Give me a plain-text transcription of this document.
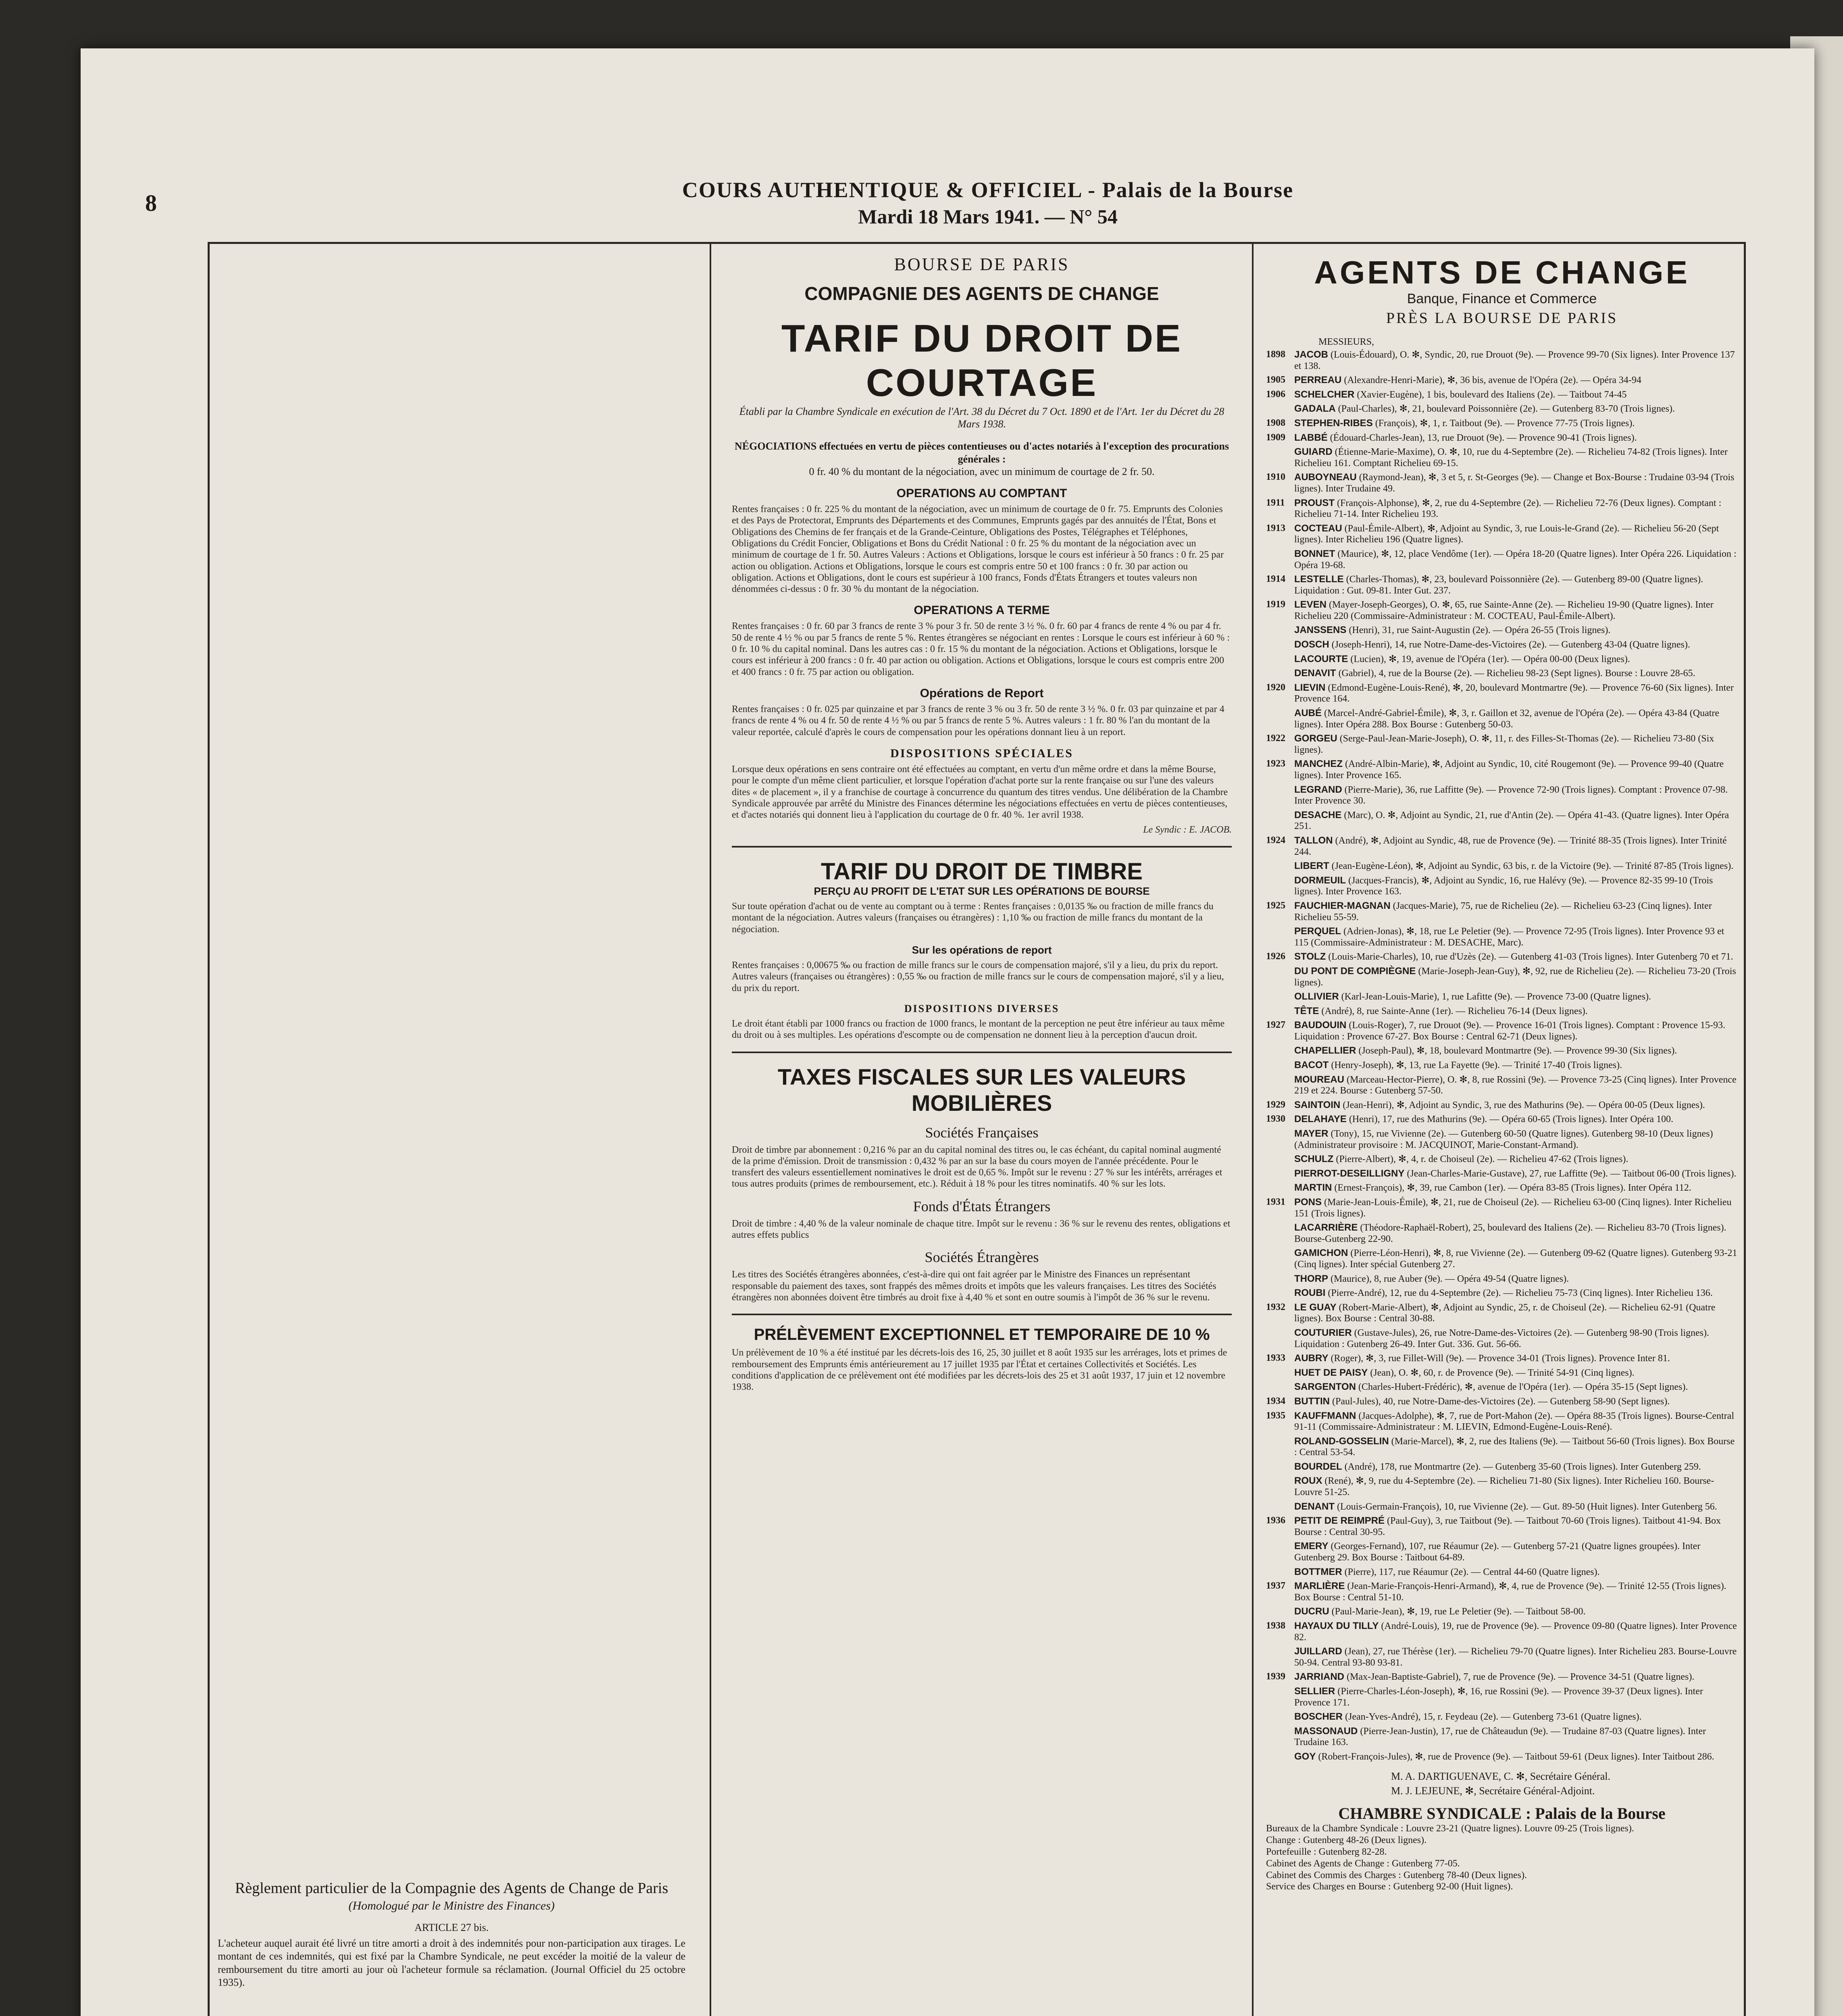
8	COURS AUTHENTIQUE & OFFICIEL - Palais de la Bourse
Mardi 18 Mars 1941. — N° 54
Règlement particulier de la Compagnie des Agents de Change de Paris
(Homologué par le Ministre des Finances)
ARTICLE 27 bis.
L'acheteur auquel aurait été livré un titre amorti a droit à des indemnités pour non-participation aux tirages. Le montant de ces indemnités, qui est fixé par la Chambre Syndicale, ne peut excéder la moitié de la valeur de remboursement du titre amorti au jour où l'acheteur formule sa réclamation. (Journal Officiel du 25 octobre 1935).
BOURSE DE PARIS
COMPAGNIE DES AGENTS DE CHANGE
TARIF DU DROIT DE COURTAGE
Établi par la Chambre Syndicale en exécution de l'Art. 38 du Décret du 7 Oct. 1890 et de l'Art. 1er du Décret du 28 Mars 1938.
NÉGOCIATIONS effectuées en vertu de pièces contentieuses ou d'actes notariés à l'exception des procurations générales :
0 fr. 40 % du montant de la négociation, avec un minimum de courtage de 2 fr. 50.
OPERATIONS AU COMPTANT
Rentes françaises : 0 fr. 225 % du montant de la négociation, avec un minimum de courtage de 0 fr. 75. Emprunts des Colonies et des Pays de Protectorat, Emprunts des Départements et des Communes, Emprunts gagés par des annuités de l'État, Bons et Obligations des Chemins de fer français et de la Grande-Ceinture, Obligations des Postes, Télégraphes et Téléphones, Obligations du Crédit Foncier, Obligations et Bons du Crédit National : 0 fr. 25 % du montant de la négociation avec un minimum de courtage de 1 fr. 50. Autres Valeurs : Actions et Obligations, lorsque le cours est inférieur à 50 francs : 0 fr. 25 par action ou obligation. Actions et Obligations, lorsque le cours est compris entre 50 et 100 francs : 0 fr. 30 par action ou obligation. Actions et Obligations, dont le cours est supérieur à 100 francs, Fonds d'États Étrangers et toutes valeurs non dénommées ci-dessus : 0 fr. 30 % du montant de la négociation.
OPERATIONS A TERME
Rentes françaises : 0 fr. 60 par 3 francs de rente 3 % pour 3 fr. 50 de rente 3 ½ %. 0 fr. 60 par 4 francs de rente 4 % ou par 4 fr. 50 de rente 4 ½ % ou par 5 francs de rente 5 %. Rentes étrangères se négociant en rentes : Lorsque le cours est inférieur à 60 % : 0 fr. 10 % du capital nominal. Dans les autres cas : 0 fr. 15 % du montant de la négociation. Actions et Obligations, lorsque le cours est inférieur à 200 francs : 0 fr. 40 par action ou obligation. Actions et Obligations, lorsque le cours est compris entre 200 et 400 francs : 0 fr. 75 par action ou obligation.
Opérations de Report
Rentes françaises : 0 fr. 025 par quinzaine et par 3 francs de rente 3 % ou 3 fr. 50 de rente 3 ½ %. 0 fr. 03 par quinzaine et par 4 francs de rente 4 % ou 4 fr. 50 de rente 4 ½ % ou par 5 francs de rente 5 %. Autres valeurs : 1 fr. 80 % l'an du montant de la valeur reportée, calculé d'après le cours de compensation pour les opérations donnant lieu à un report.
DISPOSITIONS SPÉCIALES
Lorsque deux opérations en sens contraire ont été effectuées au comptant, en vertu d'un même ordre et dans la même Bourse, pour le compte d'un même client particulier, et lorsque l'opération d'achat porte sur la rente française ou sur l'une des valeurs dites « de placement », il y a franchise de courtage à concurrence du quantum des titres vendus. Une délibération de la Chambre Syndicale approuvée par arrêté du Ministre des Finances détermine les négociations effectuées en vertu de pièces contentieuses, et d'actes notariés qui donnent lieu à l'application du courtage de 0 fr. 40 %. 1er avril 1938.
Le Syndic : E. JACOB.
TARIF DU DROIT DE TIMBRE
PERÇU AU PROFIT DE L'ETAT SUR LES OPÉRATIONS DE BOURSE
Sur toute opération d'achat ou de vente au comptant ou à terme : Rentes françaises : 0,0135 ‰ ou fraction de mille francs du montant de la négociation. Autres valeurs (françaises ou étrangères) : 1,10 ‰ ou fraction de mille francs du montant de la négociation.
Sur les opérations de report
Rentes françaises : 0,00675 ‰ ou fraction de mille francs sur le cours de compensation majoré, s'il y a lieu, du prix du report. Autres valeurs (françaises ou étrangères) : 0,55 ‰ ou fraction de mille francs sur le cours de compensation majoré, s'il y a lieu, du prix du report.
DISPOSITIONS DIVERSES
Le droit étant établi par 1000 francs ou fraction de 1000 francs, le montant de la perception ne peut être inférieur au taux même du droit ou à ses multiples. Les opérations d'escompte ou de compensation ne donnent lieu à la perception d'aucun droit.
TAXES FISCALES SUR LES VALEURS MOBILIÈRES
Sociétés Françaises
Droit de timbre par abonnement : 0,216 % par an du capital nominal des titres ou, le cas échéant, du capital nominal augmenté de la prime d'émission. Droit de transmission : 0,432 % par an sur la base du cours moyen de l'année précédente. Pour le transfert des valeurs essentiellement nominatives le droit est de 0,65 %. Impôt sur le revenu : 27 % sur les intérêts, arrérages et tous autres produits (primes de remboursement, etc.). Réduit à 18 % pour les titres nominatifs. 40 % sur les lots.
Fonds d'États Étrangers
Droit de timbre : 4,40 % de la valeur nominale de chaque titre. Impôt sur le revenu : 36 % sur le revenu des rentes, obligations et autres effets publics
Sociétés Étrangères
Les titres des Sociétés étrangères abonnées, c'est-à-dire qui ont fait agréer par le Ministre des Finances un représentant responsable du paiement des taxes, sont frappés des mêmes droits et impôts que les valeurs françaises. Les titres des Sociétés étrangères non abonnées doivent être timbrés au droit fixe à 4,40 % et sont en outre soumis à l'impôt de 36 % sur le revenu.
PRÉLÈVEMENT EXCEPTIONNEL ET TEMPORAIRE DE 10 %
Un prélèvement de 10 % a été institué par les décrets-lois des 16, 25, 30 juillet et 8 août 1935 sur les arrérages, lots et primes de remboursement des Emprunts émis antérieurement au 17 juillet 1935 par l'État et certaines Collectivités et Sociétés. Les conditions d'application de ce prélèvement ont été modifiées par les décrets-lois des 25 et 31 août 1937, 17 juin et 12 novembre 1938.
AGENTS DE CHANGE
Banque, Finance et Commerce
PRÈS LA BOURSE DE PARIS
MESSIEURS,
1898 JACOB (Louis-Édouard), O. ✻, Syndic, 20, rue Drouot (9e). — Provence 99-70 (Six lignes). Inter Provence 137 et 138.
1905 PERREAU (Alexandre-Henri-Marie), ✻, 36 bis, avenue de l'Opéra (2e). — Opéra 34-94
1906 SCHELCHER (Xavier-Eugène), 1 bis, boulevard des Italiens (2e). — Taitbout 74-45
GADALA (Paul-Charles), ✻, 21, boulevard Poissonnière (2e). — Gutenberg 83-70 (Trois lignes).
1908 STEPHEN-RIBES (François), ✻, 1, r. Taitbout (9e). — Provence 77-75 (Trois lignes).
1909 LABBÉ (Édouard-Charles-Jean), 13, rue Drouot (9e). — Provence 90-41 (Trois lignes).
GUIARD (Étienne-Marie-Maxime), O. ✻, 10, rue du 4-Septembre (2e). — Richelieu 74-82 (Trois lignes). Inter Richelieu 161. Comptant Richelieu 69-15.
1910 AUBOYNEAU (Raymond-Jean), ✻, 3 et 5, r. St-Georges (9e). — Change et Box-Bourse : Trudaine 03-94 (Trois lignes). Inter Trudaine 49.
1911 PROUST (François-Alphonse), ✻, 2, rue du 4-Septembre (2e). — Richelieu 72-76 (Deux lignes). Comptant : Richelieu 71-14. Inter Richelieu 193.
1913 COCTEAU (Paul-Émile-Albert), ✻, Adjoint au Syndic, 3, rue Louis-le-Grand (2e). — Richelieu 56-20 (Sept lignes). Inter Richelieu 196 (Quatre lignes).
BONNET (Maurice), ✻, 12, place Vendôme (1er). — Opéra 18-20 (Quatre lignes). Inter Opéra 226. Liquidation : Opéra 19-68.
1914 LESTELLE (Charles-Thomas), ✻, 23, boulevard Poissonnière (2e). — Gutenberg 89-00 (Quatre lignes). Liquidation : Gut. 09-81. Inter Gut. 237.
1919 LEVEN (Mayer-Joseph-Georges), O. ✻, 65, rue Sainte-Anne (2e). — Richelieu 19-90 (Quatre lignes). Inter Richelieu 220 (Commissaire-Administrateur : M. COCTEAU, Paul-Émile-Albert).
JANSSENS (Henri), 31, rue Saint-Augustin (2e). — Opéra 26-55 (Trois lignes).
DOSCH (Joseph-Henri), 14, rue Notre-Dame-des-Victoires (2e). — Gutenberg 43-04 (Quatre lignes).
LACOURTE (Lucien), ✻, 19, avenue de l'Opéra (1er). — Opéra 00-00 (Deux lignes).
DENAVIT (Gabriel), 4, rue de la Bourse (2e). — Richelieu 98-23 (Sept lignes). Bourse : Louvre 28-65.
1920 LIEVIN (Edmond-Eugène-Louis-René), ✻, 20, boulevard Montmartre (9e). — Provence 76-60 (Six lignes). Inter Provence 164.
AUBÉ (Marcel-André-Gabriel-Émile), ✻, 3, r. Gaillon et 32, avenue de l'Opéra (2e). — Opéra 43-84 (Quatre lignes). Inter Opéra 288. Box Bourse : Gutenberg 50-03.
1922 GORGEU (Serge-Paul-Jean-Marie-Joseph), O. ✻, 11, r. des Filles-St-Thomas (2e). — Richelieu 73-80 (Six lignes).
1923 MANCHEZ (André-Albin-Marie), ✻, Adjoint au Syndic, 10, cité Rougemont (9e). — Provence 99-40 (Quatre lignes). Inter Provence 165.
LEGRAND (Pierre-Marie), 36, rue Laffitte (9e). — Provence 72-90 (Trois lignes). Comptant : Provence 07-98. Inter Provence 30.
DESACHE (Marc), O. ✻, Adjoint au Syndic, 21, rue d'Antin (2e). — Opéra 41-43. (Quatre lignes). Inter Opéra 251.
1924 TALLON (André), ✻, Adjoint au Syndic, 48, rue de Provence (9e). — Trinité 88-35 (Trois lignes). Inter Trinité 244.
LIBERT (Jean-Eugène-Léon), ✻, Adjoint au Syndic, 63 bis, r. de la Victoire (9e). — Trinité 87-85 (Trois lignes).
DORMEUIL (Jacques-Francis), ✻, Adjoint au Syndic, 16, rue Halévy (9e). — Provence 82-35 99-10 (Trois lignes). Inter Provence 163.
1925 FAUCHIER-MAGNAN (Jacques-Marie), 75, rue de Richelieu (2e). — Richelieu 63-23 (Cinq lignes). Inter Richelieu 55-59.
PERQUEL (Adrien-Jonas), ✻, 18, rue Le Peletier (9e). — Provence 72-95 (Trois lignes). Inter Provence 93 et 115 (Commissaire-Administrateur : M. DESACHE, Marc).
1926 STOLZ (Louis-Marie-Charles), 10, rue d'Uzès (2e). — Gutenberg 41-03 (Trois lignes). Inter Gutenberg 70 et 71.
DU PONT DE COMPIÈGNE (Marie-Joseph-Jean-Guy), ✻, 92, rue de Richelieu (2e). — Richelieu 73-20 (Trois lignes).
OLLIVIER (Karl-Jean-Louis-Marie), 1, rue Lafitte (9e). — Provence 73-00 (Quatre lignes).
TÊTE (André), 8, rue Sainte-Anne (1er). — Richelieu 76-14 (Deux lignes).
1927 BAUDOUIN (Louis-Roger), 7, rue Drouot (9e). — Provence 16-01 (Trois lignes). Comptant : Provence 15-93. Liquidation : Provence 67-27. Box Bourse : Central 62-71 (Deux lignes).
CHAPELLIER (Joseph-Paul), ✻, 18, boulevard Montmartre (9e). — Provence 99-30 (Six lignes).
BACOT (Henry-Joseph), ✻, 13, rue La Fayette (9e). — Trinité 17-40 (Trois lignes).
MOUREAU (Marceau-Hector-Pierre), O. ✻, 8, rue Rossini (9e). — Provence 73-25 (Cinq lignes). Inter Provence 219 et 224. Bourse : Gutenberg 57-50.
1929 SAINTOIN (Jean-Henri), ✻, Adjoint au Syndic, 3, rue des Mathurins (9e). — Opéra 00-05 (Deux lignes).
1930 DELAHAYE (Henri), 17, rue des Mathurins (9e). — Opéra 60-65 (Trois lignes). Inter Opéra 100.
MAYER (Tony), 15, rue Vivienne (2e). — Gutenberg 60-50 (Quatre lignes). Gutenberg 98-10 (Deux lignes) (Administrateur provisoire : M. JACQUINOT, Marie-Constant-Armand).
SCHULZ (Pierre-Albert), ✻, 4, r. de Choiseul (2e). — Richelieu 47-62 (Trois lignes).
PIERROT-DESEILLIGNY (Jean-Charles-Marie-Gustave), 27, rue Laffitte (9e). — Taitbout 06-00 (Trois lignes).
MARTIN (Ernest-François), ✻, 39, rue Cambon (1er). — Opéra 83-85 (Trois lignes). Inter Opéra 112.
1931 PONS (Marie-Jean-Louis-Émile), ✻, 21, rue de Choiseul (2e). — Richelieu 63-00 (Cinq lignes). Inter Richelieu 151 (Trois lignes).
LACARRIÈRE (Théodore-Raphaël-Robert), 25, boulevard des Italiens (2e). — Richelieu 83-70 (Trois lignes). Bourse-Gutenberg 22-90.
GAMICHON (Pierre-Léon-Henri), ✻, 8, rue Vivienne (2e). — Gutenberg 09-62 (Quatre lignes). Gutenberg 93-21 (Cinq lignes). Inter spécial Gutenberg 27.
THORP (Maurice), 8, rue Auber (9e). — Opéra 49-54 (Quatre lignes).
ROUBI (Pierre-André), 12, rue du 4-Septembre (2e). — Richelieu 75-73 (Cinq lignes). Inter Richelieu 136.
1932 LE GUAY (Robert-Marie-Albert), ✻, Adjoint au Syndic, 25, r. de Choiseul (2e). — Richelieu 62-91 (Quatre lignes). Box Bourse : Central 30-88.
COUTURIER (Gustave-Jules), 26, rue Notre-Dame-des-Victoires (2e). — Gutenberg 98-90 (Trois lignes). Liquidation : Gutenberg 26-49. Inter Gut. 336. Gut. 56-66.
1933 AUBRY (Roger), ✻, 3, rue Fillet-Will (9e). — Provence 34-01 (Trois lignes). Provence Inter 81.
HUET DE PAISY (Jean), O. ✻, 60, r. de Provence (9e). — Trinité 54-91 (Cinq lignes).
SARGENTON (Charles-Hubert-Frédéric), ✻, avenue de l'Opéra (1er). — Opéra 35-15 (Sept lignes).
1934 BUTTIN (Paul-Jules), 40, rue Notre-Dame-des-Victoires (2e). — Gutenberg 58-90 (Sept lignes).
1935 KAUFFMANN (Jacques-Adolphe), ✻, 7, rue de Port-Mahon (2e). — Opéra 88-35 (Trois lignes). Bourse-Central 91-11 (Commissaire-Administrateur : M. LIEVIN, Edmond-Eugène-Louis-René).
ROLAND-GOSSELIN (Marie-Marcel), ✻, 2, rue des Italiens (9e). — Taitbout 56-60 (Trois lignes). Box Bourse : Central 53-54.
BOURDEL (André), 178, rue Montmartre (2e). — Gutenberg 35-60 (Trois lignes). Inter Gutenberg 259.
ROUX (René), ✻, 9, rue du 4-Septembre (2e). — Richelieu 71-80 (Six lignes). Inter Richelieu 160. Bourse-Louvre 51-25.
DENANT (Louis-Germain-François), 10, rue Vivienne (2e). — Gut. 89-50 (Huit lignes). Inter Gutenberg 56.
1936 PETIT DE REIMPRÉ (Paul-Guy), 3, rue Taitbout (9e). — Taitbout 70-60 (Trois lignes). Taitbout 41-94. Box Bourse : Central 30-95.
EMERY (Georges-Fernand), 107, rue Réaumur (2e). — Gutenberg 57-21 (Quatre lignes groupées). Inter Gutenberg 29. Box Bourse : Taitbout 64-89.
BOTTMER (Pierre), 117, rue Réaumur (2e). — Central 44-60 (Quatre lignes).
1937 MARLIÈRE (Jean-Marie-François-Henri-Armand), ✻, 4, rue de Provence (9e). — Trinité 12-55 (Trois lignes). Box Bourse : Central 51-10.
DUCRU (Paul-Marie-Jean), ✻, 19, rue Le Peletier (9e). — Taitbout 58-00.
1938 HAYAUX DU TILLY (André-Louis), 19, rue de Provence (9e). — Provence 09-80 (Quatre lignes). Inter Provence 82.
JUILLARD (Jean), 27, rue Thérèse (1er). — Richelieu 79-70 (Quatre lignes). Inter Richelieu 283. Bourse-Louvre 50-94. Central 93-80 93-81.
1939 JARRIAND (Max-Jean-Baptiste-Gabriel), 7, rue de Provence (9e). — Provence 34-51 (Quatre lignes).
SELLIER (Pierre-Charles-Léon-Joseph), ✻, 16, rue Rossini (9e). — Provence 39-37 (Deux lignes). Inter Provence 171.
BOSCHER (Jean-Yves-André), 15, r. Feydeau (2e). — Gutenberg 73-61 (Quatre lignes).
MASSONAUD (Pierre-Jean-Justin), 17, rue de Châteaudun (9e). — Trudaine 87-03 (Quatre lignes). Inter Trudaine 163.
GOY (Robert-François-Jules), ✻, rue de Provence (9e). — Taitbout 59-61 (Deux lignes). Inter Taitbout 286.
M. A. DARTIGUENAVE, C. ✻, Secrétaire Général.
M. J. LEJEUNE, ✻, Secrétaire Général-Adjoint.
CHAMBRE SYNDICALE : Palais de la Bourse
Bureaux de la Chambre Syndicale : Louvre 23-21 (Quatre lignes). Louvre 09-25 (Trois lignes).
Change : Gutenberg 48-26 (Deux lignes).
Portefeuille : Gutenberg 82-28.
Cabinet des Agents de Change : Gutenberg 77-05.
Cabinet des Commis des Charges : Gutenberg 78-40 (Deux lignes).
Service des Charges en Bourse : Gutenberg 92-00 (Huit lignes).
